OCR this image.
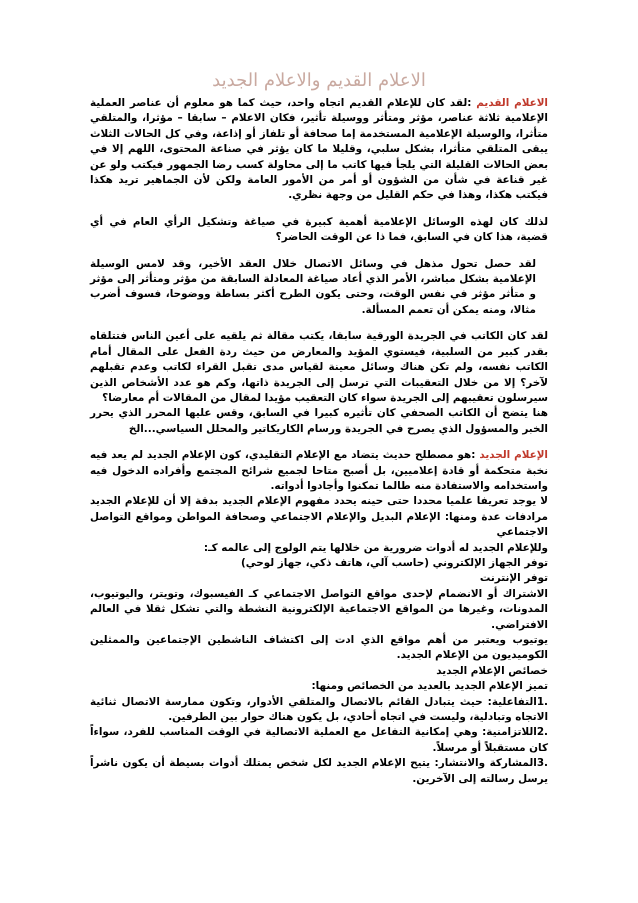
الاعلام القديم والاعلام الجديد

الاعلام القديم :لقد كان للإعلام القديم اتجاه واحد، حيث كما هو معلوم أن عناصر العملية الإعلامية ثلاثة عناصر، مؤثر ومتأثر ووسيلة تأثير، فكان الاعلام – سابقا – مؤثرا، والمتلقي متأثرا، والوسيلة الإعلامية المستخدمة إما صحافة أو تلفاز أو إذاعة، وفي كل الحالات الثلاث يبقى المتلقي متأثرا، بشكل سلبي، وقليلا ما كان يؤثر في صناعة المحتوى، اللهم إلا في بعض الحالات القليلة التي يلجأ فيها كاتب ما إلى محاولة كسب رضا الجمهور فيكتب ولو عن غير قناعة في شأن من الشؤون أو أمر من الأمور العامة ولكن لأن الجماهير تريد هكذا فيكتب هكذا، وهذا في حكم القليل من وجهة نظري.

لذلك كان لهذه الوسائل الإعلامية أهمية كبيرة في صياغة وتشكيل الرأي العام في أي قضية، هذا كان في السابق، فما ذا عن الوقت الحاضر؟

لقد حصل تحول مذهل في وسائل الاتصال خلال العقد الأخير، وقد لامس الوسيلة الإعلامية بشكل مباشر، الأمر الذي أعاد صياغة المعادلة السابقة من مؤثر ومتأثر إلى مؤثر و متأثر مؤثر في نفس الوقت، وحتى يكون الطرح أكثر بساطة ووضوحا، فسوف أضرب مثالا، ومنه يمكن أن تعمم المسألة.

لقد كان الكاتب في الجريدة الورقية سابقا، يكتب مقالة ثم يلقيه على أعين الناس فتتلقاه بقدر كبير من السلبية، فيستوي المؤيد والمعارض من حيث ردة الفعل على المقال أمام الكاتب نفسه، ولم تكن هناك وسائل معينة لقياس مدى تقبل القراء لكاتب وعدم تقبلهم لآخر؟ إلا من خلال التعقيبات التي ترسل إلى الجريدة ذاتها، وكم هو عدد الأشخاص الذين سيرسلون تعقيبهم إلى الجريدة سواء كان التعقيب مؤيدا لمقال من المقالات أم معارضا؟

هنا يتضح أن الكاتب الصحفي كان تأثيره كبيرا في السابق، وقس عليها المحرر الذي يحرر الخبر والمسؤول الذي يصرح في الجريدة ورسام الكاريكاتير والمحلل السياسي...الخ

الإعلام الجديد :هو مصطلح حديث يتضاد مع الإعلام التقليدي، كون الإعلام الجديد لم يعد فيه نخبة متحكمة أو قادة إعلاميين، بل أصبح متاحا لجميع شرائح المجتمع وأفراده الدخول فيه واستخدامه والاستفادة منه طالما تمكنوا وأجادوا أدواته.

لا يوجد تعريفا علميا محددا حتى حينه يحدد مفهوم الإعلام الجديد بدقة إلا أن للإعلام الجديد مرادفات عدة ومنها: الإعلام البديل والإعلام الاجتماعي وصحافة المواطن ومواقع التواصل الاجتماعي

وللإعلام الجديد له أدوات ضرورية من خلالها يتم الولوج إلى عالمه كـ:

توفر الجهاز الإلكتروني (حاسب آلي، هاتف ذكي، جهاز لوحي)

توفر الإنترنت

الاشتراك أو الانضمام لإحدى مواقع التواصل الاجتماعي كـ الفيسبوك، وتويتر، واليوتيوب، المدونات، وغيرها من المواقع الاجتماعية الإلكترونية النشطة والتي تشكل ثقلا في العالم الافتراضي.

يوتيوب ويعتبر من أهم مواقع الذي ادت إلى اكتشاف الناشطين الإجتماعين والممثلين الكوميديون من الإعلام الجديد.

خصائص الإعلام الجديد

تميز الإعلام الجديد بالعديد من الخصائص ومنها:

.1التفاعلية: حيث يتبادل القائم بالاتصال والمتلقي الأدوار، وتكون ممارسة الاتصال ثنائية الاتجاه وتبادلية، وليست في اتجاه أحادي، بل يكون هناك حوار بين الطرفين.

.2اللاتزامنية: وهي إمكانية التفاعل مع العملية الاتصالية في الوقت المناسب للفرد، سواءاً كان مستقبلاً أو مرسلاً.

.3المشاركة والانتشار: يتيح الإعلام الجديد لكل شخص يمتلك أدوات بسيطة أن يكون ناشراً يرسل رسالته إلى الآخرين.
